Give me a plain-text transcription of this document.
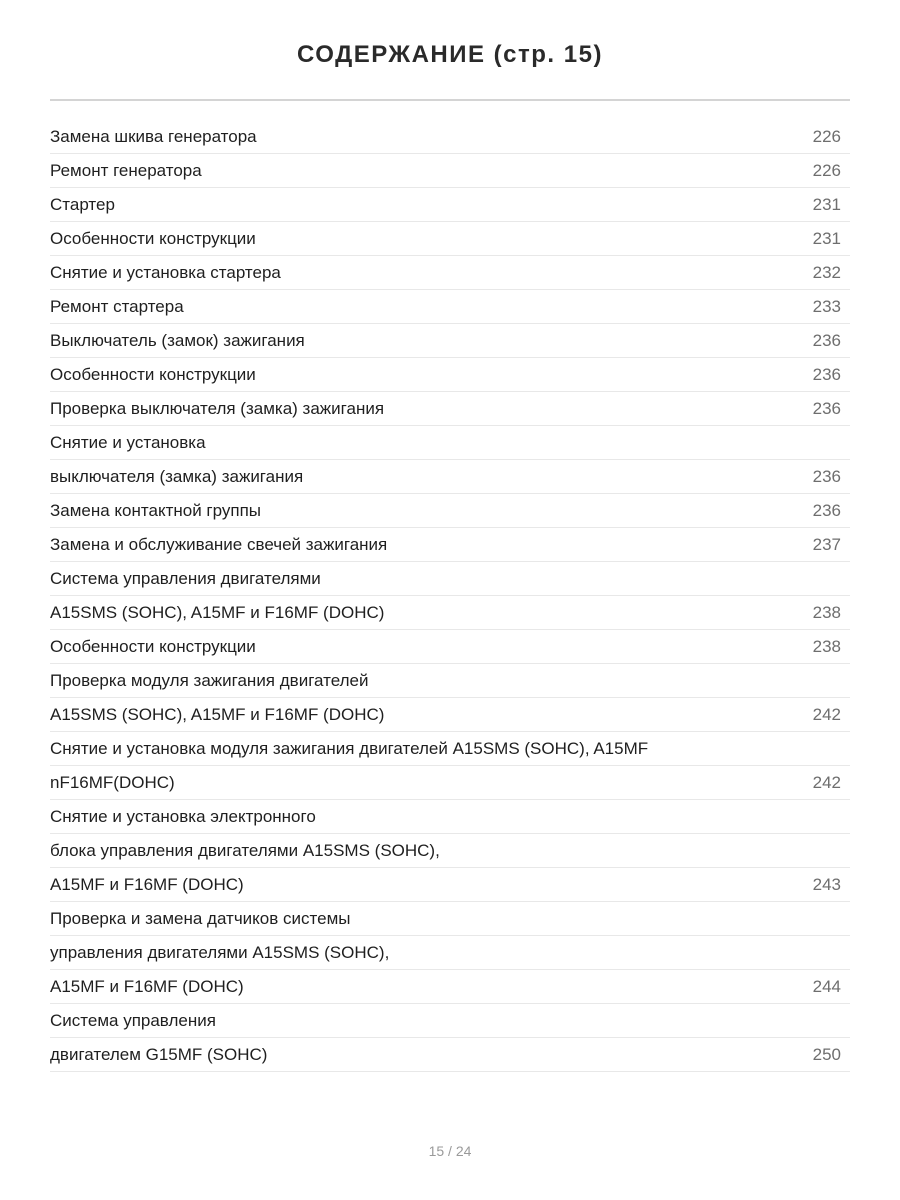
СОДЕРЖАНИЕ (стр. 15)
Замена шкива генератора	226
Ремонт генератора	226
Стартер	231
Особенности конструкции	231
Снятие и установка стартера	232
Ремонт стартера	233
Выключатель (замок) зажигания	236
Особенности конструкции	236
Проверка выключателя (замка) зажигания	236
Снятие и установка
выключателя (замка) зажигания	236
Замена контактной группы	236
Замена и обслуживание свечей зажигания	237
Система управления двигателями
A15SMS (SOHC), A15MF и F16MF (DOHC)	238
Особенности конструкции	238
Проверка модуля зажигания двигателей
A15SMS (SOHC), A15MF и F16MF (DOHC)	242
Снятие и установка модуля зажигания двигателей A15SMS (SOHC), A15MF
nF16MF(DOHC)	242
Снятие и установка электронного
блока управления двигателями A15SMS (SOHC),
A15MF и F16MF (DOHC)	243
Проверка и замена датчиков системы
управления двигателями A15SMS (SOHC),
A15MF и F16MF (DOHC)	244
Система управления
двигателем G15MF (SOHC)	250
15 / 24
